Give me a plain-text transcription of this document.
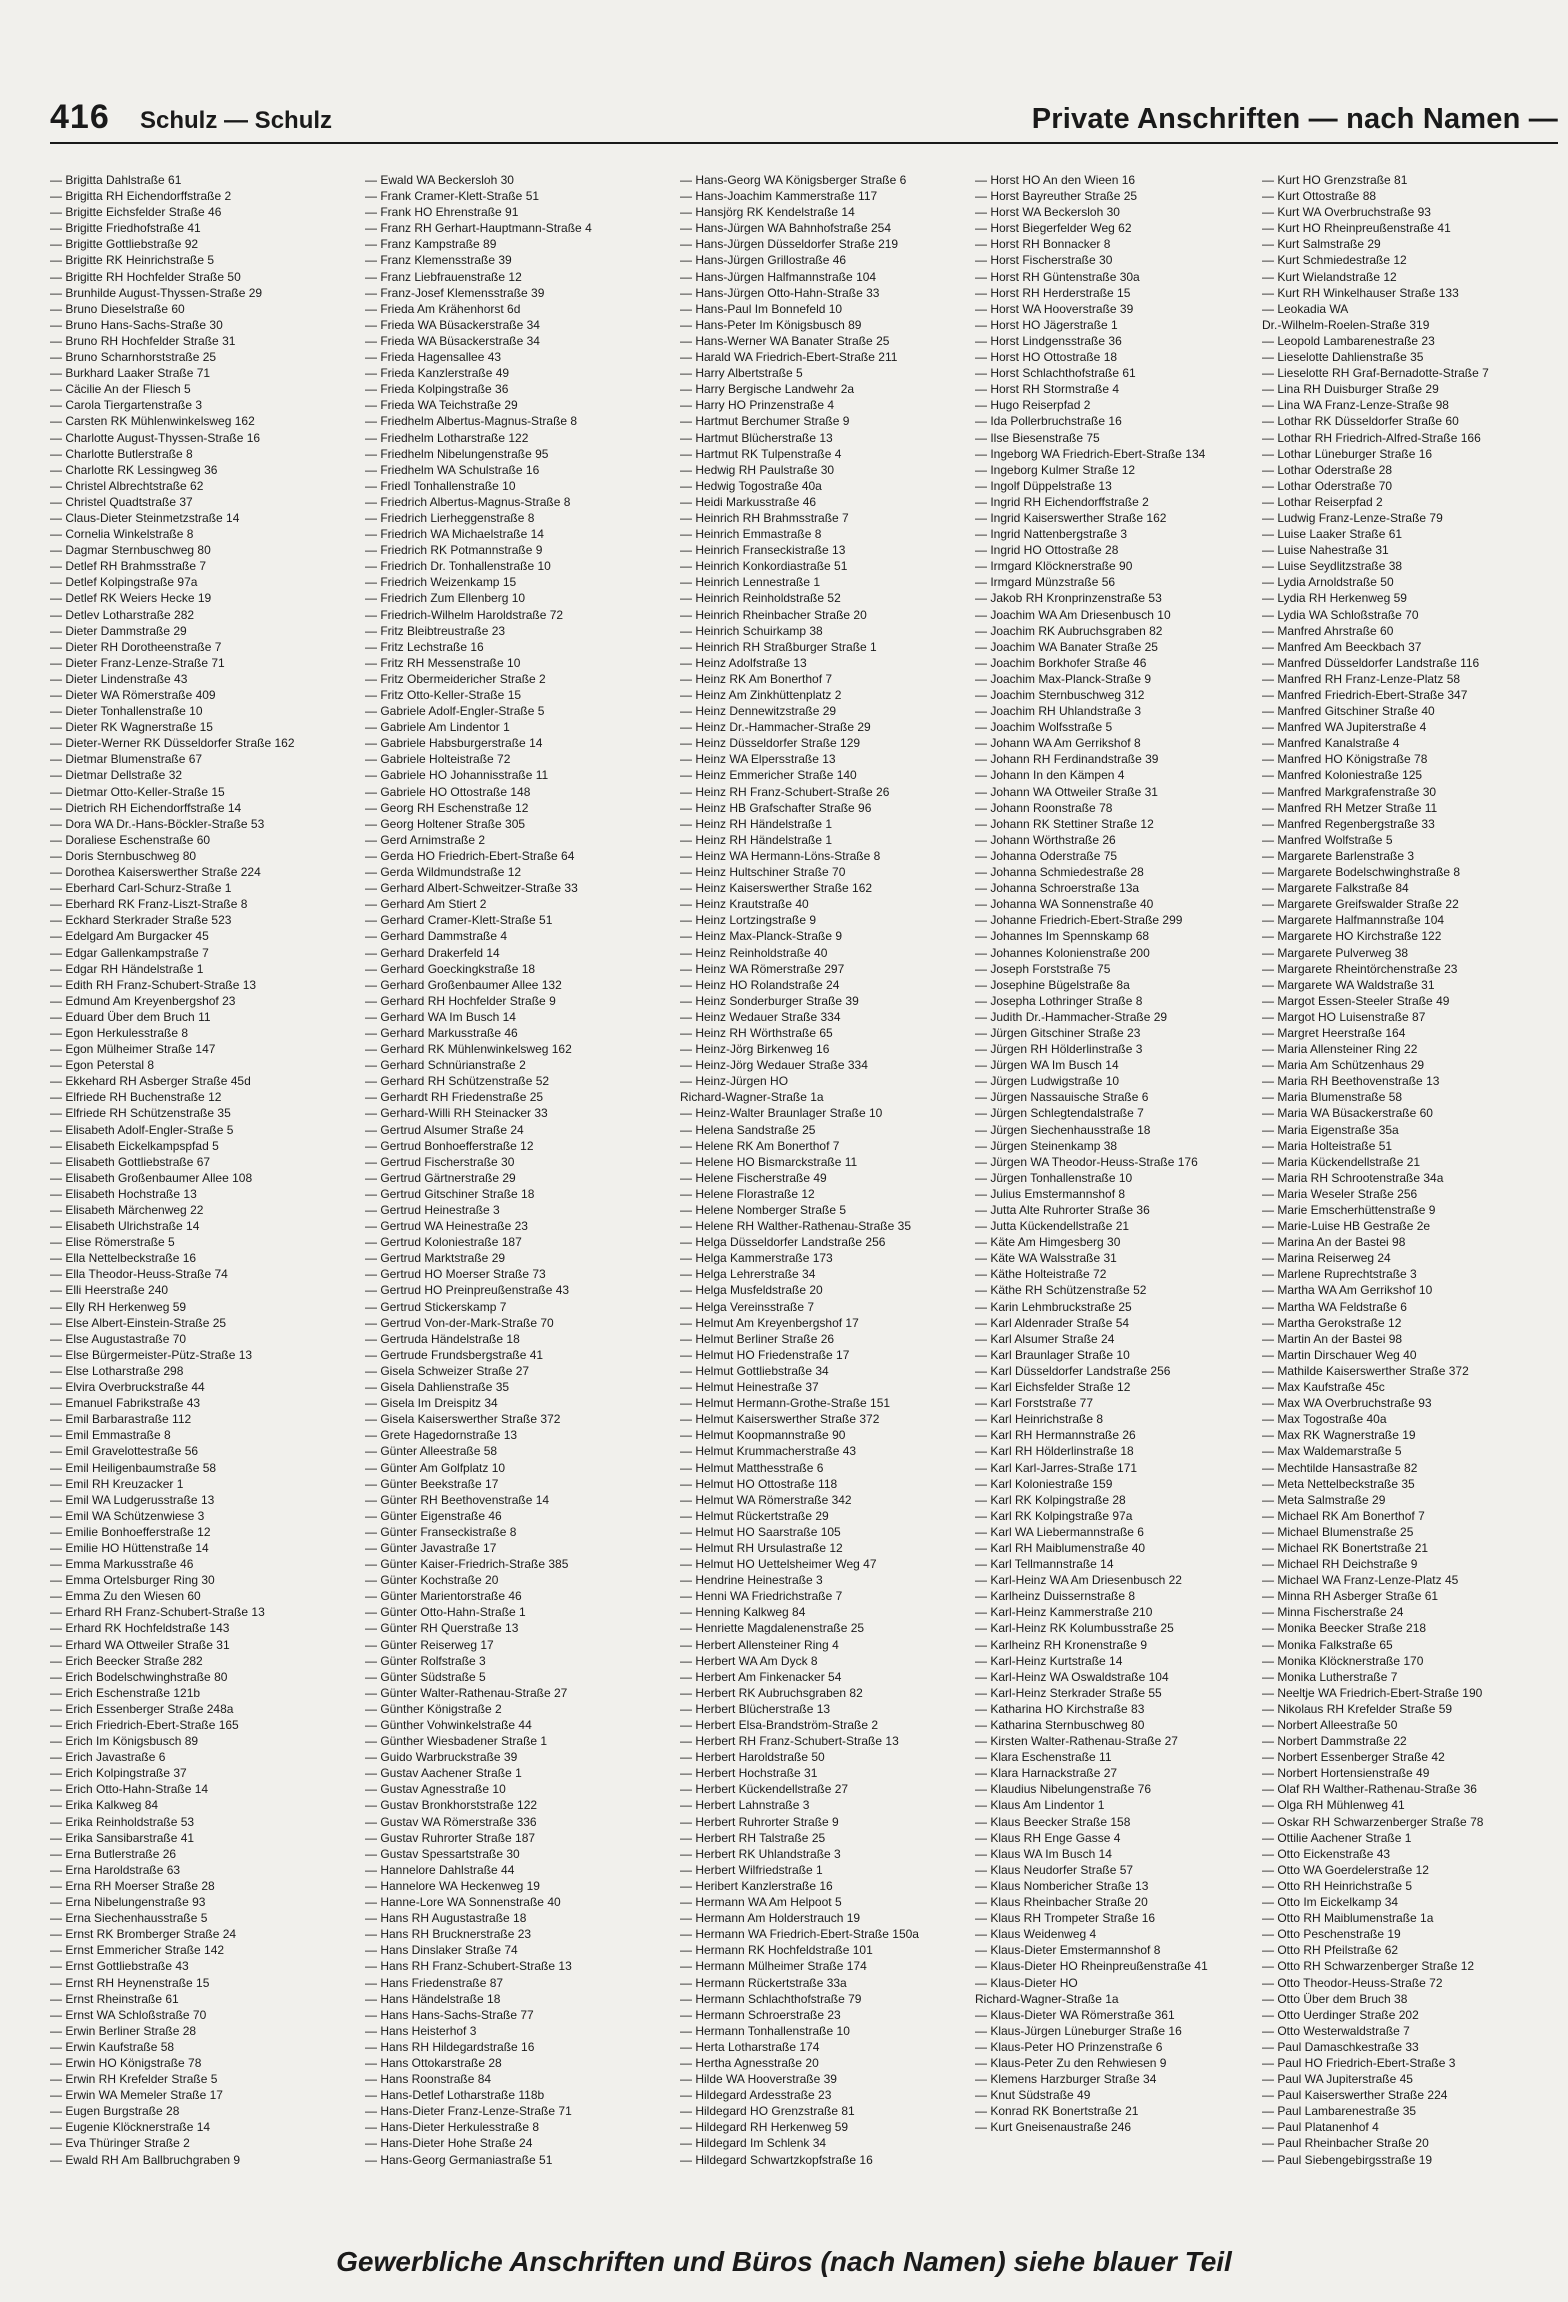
416 Schulz — Schulz	Private Anschriften — nach Namen —
— Brigitta Dahlstraße 61
— Brigitta RH Eichendorffstraße 2
— Brigitte Eichsfelder Straße 46
— Brigitte Friedhofstraße 41
— Brigitte Gottliebstraße 92
— Brigitte RK Heinrichstraße 5
— Brigitte RH Hochfelder Straße 50
— Brunhilde August-Thyssen-Straße 29
— Bruno Dieselstraße 60
— Bruno Hans-Sachs-Straße 30
— Bruno RH Hochfelder Straße 31
— Bruno Scharnhorststraße 25
— Burkhard Laaker Straße 71
— Cäcilie An der Fliesch 5
— Carola Tiergartenstraße 3
— Carsten RK Mühlenwinkelsweg 162
— Charlotte August-Thyssen-Straße 16
— Charlotte Butlerstraße 8
— Charlotte RK Lessingweg 36
— Christel Albrechtstraße 62
— Christel Quadtstraße 37
— Claus-Dieter Steinmetzstraße 14
— Cornelia Winkelstraße 8
— Dagmar Sternbuschweg 80
— Detlef RH Brahmsstraße 7
— Detlef Kolpingstraße 97a
— Detlef RK Weiers Hecke 19
— Detlev Lotharstraße 282
— Dieter Dammstraße 29
— Dieter RH Dorotheenstraße 7
— Dieter Franz-Lenze-Straße 71
— Dieter Lindenstraße 43
— Dieter WA Römerstraße 409
— Dieter Tonhallenstraße 10
— Dieter RK Wagnerstraße 15
— Dieter-Werner RK Düsseldorfer Straße 162
— Dietmar Blumenstraße 67
— Dietmar Dellstraße 32
— Dietmar Otto-Keller-Straße 15
— Dietrich RH Eichendorffstraße 14
— Dora WA Dr.-Hans-Böckler-Straße 53
— Doraliese Eschenstraße 60
— Doris Sternbuschweg 80
— Dorothea Kaiserswerther Straße 224
— Eberhard Carl-Schurz-Straße 1
— Eberhard RK Franz-Liszt-Straße 8
— Eckhard Sterkrader Straße 523
— Edelgard Am Burgacker 45
— Edgar Gallenkampstraße 7
— Edgar RH Händelstraße 1
— Edith RH Franz-Schubert-Straße 13
— Edmund Am Kreyenbergshof 23
— Eduard Über dem Bruch 11
— Egon Herkulesstraße 8
— Egon Mülheimer Straße 147
— Egon Peterstal 8
— Ekkehard RH Asberger Straße 45d
— Elfriede RH Buchenstraße 12
— Elfriede RH Schützenstraße 35
— Elisabeth Adolf-Engler-Straße 5
— Elisabeth Eickelkampspfad 5
— Elisabeth Gottliebstraße 67
— Elisabeth Großenbaumer Allee 108
— Elisabeth Hochstraße 13
— Elisabeth Märchenweg 22
— Elisabeth Ulrichstraße 14
— Elise Römerstraße 5
— Ella Nettelbeckstraße 16
— Ella Theodor-Heuss-Straße 74
— Elli Heerstraße 240
— Elly RH Herkenweg 59
— Else Albert-Einstein-Straße 25
— Else Augustastraße 70
— Else Bürgermeister-Pütz-Straße 13
— Else Lotharstraße 298
— Elvira Overbruckstraße 44
— Emanuel Fabrikstraße 43
— Emil Barbarastraße 112
— Emil Emmastraße 8
— Emil Gravelottestraße 56
— Emil Heiligenbaumstraße 58
— Emil RH Kreuzacker 1
— Emil WA Ludgerusstraße 13
— Emil WA Schützenwiese 3
— Emilie Bonhoefferstraße 12
— Emilie HO Hüttenstraße 14
— Emma Markusstraße 46
— Emma Ortelsburger Ring 30
— Emma Zu den Wiesen 60
— Erhard RH Franz-Schubert-Straße 13
— Erhard RK Hochfeldstraße 143
— Erhard WA Ottweiler Straße 31
— Erich Beecker Straße 282
— Erich Bodelschwinghstraße 80
— Erich Eschenstraße 121b
— Erich Essenberger Straße 248a
— Erich Friedrich-Ebert-Straße 165
— Erich Im Königsbusch 89
— Erich Javastraße 6
— Erich Kolpingstraße 37
— Erich Otto-Hahn-Straße 14
— Erika Kalkweg 84
— Erika Reinholdstraße 53
— Erika Sansibarstraße 41
— Erna Butlerstraße 26
— Erna Haroldstraße 63
— Erna RH Moerser Straße 28
— Erna Nibelungenstraße 93
— Erna Siechenhausstraße 5
— Ernst RK Bromberger Straße 24
— Ernst Emmericher Straße 142
— Ernst Gottliebstraße 43
— Ernst RH Heynenstraße 15
— Ernst Rheinstraße 61
— Ernst WA Schloßstraße 70
— Erwin Berliner Straße 28
— Erwin Kaufstraße 58
— Erwin HO Königstraße 78
— Erwin RH Krefelder Straße 5
— Erwin WA Memeler Straße 17
— Eugen Burgstraße 28
— Eugenie Klöcknerstraße 14
— Eva Thüringer Straße 2
— Ewald RH Am Ballbruchgraben 9
— Ewald WA Beckersloh 30
— Frank Cramer-Klett-Straße 51
— Frank HO Ehrenstraße 91
— Franz RH Gerhart-Hauptmann-Straße 4
— Franz Kampstraße 89
— Franz Klemensstraße 39
— Franz Liebfrauenstraße 12
— Franz-Josef Klemensstraße 39
— Frieda Am Krähenhorst 6d
— Frieda WA Büsackerstraße 34
— Frieda WA Büsackerstraße 34
— Frieda Hagensallee 43
— Frieda Kanzlerstraße 49
— Frieda Kolpingstraße 36
— Frieda WA Teichstraße 29
— Friedhelm Albertus-Magnus-Straße 8
— Friedhelm Lotharstraße 122
— Friedhelm Nibelungenstraße 95
— Friedhelm WA Schulstraße 16
— Friedl Tonhallenstraße 10
— Friedrich Albertus-Magnus-Straße 8
— Friedrich Lierheggenstraße 8
— Friedrich WA Michaelstraße 14
— Friedrich RK Potmannstraße 9
— Friedrich Dr. Tonhallenstraße 10
— Friedrich Weizenkamp 15
— Friedrich Zum Ellenberg 10
— Friedrich-Wilhelm Haroldstraße 72
— Fritz Bleibtreustraße 23
— Fritz Lechstraße 16
— Fritz RH Messenstraße 10
— Fritz Obermeidericher Straße 2
— Fritz Otto-Keller-Straße 15
— Gabriele Adolf-Engler-Straße 5
— Gabriele Am Lindentor 1
— Gabriele Habsburgerstraße 14
— Gabriele Holteistraße 72
— Gabriele HO Johannisstraße 11
— Gabriele HO Ottostraße 148
— Georg RH Eschenstraße 12
— Georg Holtener Straße 305
— Gerd Arnimstraße 2
— Gerda HO Friedrich-Ebert-Straße 64
— Gerda Wildmundstraße 12
— Gerhard Albert-Schweitzer-Straße 33
— Gerhard Am Stiert 2
— Gerhard Cramer-Klett-Straße 51
— Gerhard Dammstraße 4
— Gerhard Drakerfeld 14
— Gerhard Goeckingkstraße 18
— Gerhard Großenbaumer Allee 132
— Gerhard RH Hochfelder Straße 9
— Gerhard WA Im Busch 14
— Gerhard Markusstraße 46
— Gerhard RK Mühlenwinkelsweg 162
— Gerhard Schnürianstraße 2
— Gerhard RH Schützenstraße 52
— Gerhardt RH Friedenstraße 25
— Gerhard-Willi RH Steinacker 33
— Gertrud Alsumer Straße 24
— Gertrud Bonhoefferstraße 12
— Gertrud Fischerstraße 30
— Gertrud Gärtnerstraße 29
— Gertrud Gitschiner Straße 18
— Gertrud Heinestraße 3
— Gertrud WA Heinestraße 23
— Gertrud Koloniestraße 187
— Gertrud Marktstraße 29
— Gertrud HO Moerser Straße 73
— Gertrud HO Preinpreußenstraße 43
— Gertrud Stickerskamp 7
— Gertrud Von-der-Mark-Straße 70
— Gertruda Händelstraße 18
— Gertrude Frundsbergstraße 41
— Gisela Schweizer Straße 27
— Gisela Dahlienstraße 35
— Gisela Im Dreispitz 34
— Gisela Kaiserswerther Straße 372
— Grete Hagedornstraße 13
— Günter Alleestraße 58
— Günter Am Golfplatz 10
— Günter Beekstraße 17
— Günter RH Beethovenstraße 14
— Günter Eigenstraße 46
— Günter Franseckistraße 8
— Günter Javastraße 17
— Günter Kaiser-Friedrich-Straße 385
— Günter Kochstraße 20
— Günter Marientorstraße 46
— Günter Otto-Hahn-Straße 1
— Günter RH Querstraße 13
— Günter Reiserweg 17
— Günter Rolfstraße 3
— Günter Südstraße 5
— Günter Walter-Rathenau-Straße 27
— Günther Königstraße 2
— Günther Vohwinkelstraße 44
— Günther Wiesbadener Straße 1
— Guido Warbruckstraße 39
— Gustav Aachener Straße 1
— Gustav Agnesstraße 10
— Gustav Bronkhorststraße 122
— Gustav WA Römerstraße 336
— Gustav Ruhrorter Straße 187
— Gustav Spessartstraße 30
— Hannelore Dahlstraße 44
— Hannelore WA Heckenweg 19
— Hanne-Lore WA Sonnenstraße 40
— Hans RH Augustastraße 18
— Hans RH Brucknerstraße 23
— Hans Dinslaker Straße 74
— Hans RH Franz-Schubert-Straße 13
— Hans Friedenstraße 87
— Hans Händelstraße 18
— Hans Hans-Sachs-Straße 77
— Hans Heisterhof 3
— Hans RH Hildegardstraße 16
— Hans Ottokarstraße 28
— Hans Roonstraße 84
— Hans-Detlef Lotharstraße 118b
— Hans-Dieter Franz-Lenze-Straße 71
— Hans-Dieter Herkulesstraße 8
— Hans-Dieter Hohe Straße 24
— Hans-Georg Germaniastraße 51
— Hans-Georg WA Königsberger Straße 6
— Hans-Joachim Kammerstraße 117
— Hansjörg RK Kendelstraße 14
— Hans-Jürgen WA Bahnhofstraße 254
— Hans-Jürgen Düsseldorfer Straße 219
— Hans-Jürgen Grillostraße 46
— Hans-Jürgen Halfmannstraße 104
— Hans-Jürgen Otto-Hahn-Straße 33
— Hans-Paul Im Bonnefeld 10
— Hans-Peter Im Königsbusch 89
— Hans-Werner WA Banater Straße 25
— Harald WA Friedrich-Ebert-Straße 211
— Harry Albertstraße 5
— Harry Bergische Landwehr 2a
— Harry HO Prinzenstraße 4
— Hartmut Berchumer Straße 9
— Hartmut Blücherstraße 13
— Hartmut RK Tulpenstraße 4
— Hedwig RH Paulstraße 30
— Hedwig Togostraße 40a
— Heidi Markusstraße 46
— Heinrich RH Brahmsstraße 7
— Heinrich Emmastraße 8
— Heinrich Franseckistraße 13
— Heinrich Konkordiastraße 51
— Heinrich Lennestraße 1
— Heinrich Reinholdstraße 52
— Heinrich Rheinbacher Straße 20
— Heinrich Schuirkamp 38
— Heinrich RH Straßburger Straße 1
— Heinz Adolfstraße 13
— Heinz RK Am Bonerthof 7
— Heinz Am Zinkhüttenplatz 2
— Heinz Dennewitzstraße 29
— Heinz Dr.-Hammacher-Straße 29
— Heinz Düsseldorfer Straße 129
— Heinz WA Elpersstraße 13
— Heinz Emmericher Straße 140
— Heinz RH Franz-Schubert-Straße 26
— Heinz HB Grafschafter Straße 96
— Heinz RH Händelstraße 1
— Heinz RH Händelstraße 1
— Heinz WA Hermann-Löns-Straße 8
— Heinz Hultschiner Straße 70
— Heinz Kaiserswerther Straße 162
— Heinz Krautstraße 40
— Heinz Lortzingstraße 9
— Heinz Max-Planck-Straße 9
— Heinz Reinholdstraße 40
— Heinz WA Römerstraße 297
— Heinz HO Rolandstraße 24
— Heinz Sonderburger Straße 39
— Heinz Wedauer Straße 334
— Heinz RH Wörthstraße 65
— Heinz-Jörg Birkenweg 16
— Heinz-Jörg Wedauer Straße 334
— Heinz-Jürgen HO
Richard-Wagner-Straße 1a
— Heinz-Walter Braunlager Straße 10
— Helena Sandstraße 25
— Helene RK Am Bonerthof 7
— Helene HO Bismarckstraße 11
— Helene Fischerstraße 49
— Helene Florastraße 12
— Helene Nomberger Straße 5
— Helene RH Walther-Rathenau-Straße 35
— Helga Düsseldorfer Landstraße 256
— Helga Kammerstraße 173
— Helga Lehrerstraße 34
— Helga Musfeldstraße 20
— Helga Vereinsstraße 7
— Helmut Am Kreyenbergshof 17
— Helmut Berliner Straße 26
— Helmut HO Friedenstraße 17
— Helmut Gottliebstraße 34
— Helmut Heinestraße 37
— Helmut Hermann-Grothe-Straße 151
— Helmut Kaiserswerther Straße 372
— Helmut Koopmannstraße 90
— Helmut Krummacherstraße 43
— Helmut Matthesstraße 6
— Helmut HO Ottostraße 118
— Helmut WA Römerstraße 342
— Helmut Rückertstraße 29
— Helmut HO Saarstraße 105
— Helmut RH Ursulastraße 12
— Helmut HO Uettelsheimer Weg 47
— Hendrine Heinestraße 3
— Henni WA Friedrichstraße 7
— Henning Kalkweg 84
— Henriette Magdalenenstraße 25
— Herbert Allensteiner Ring 4
— Herbert WA Am Dyck 8
— Herbert Am Finkenacker 54
— Herbert RK Aubruchsgraben 82
— Herbert Blücherstraße 13
— Herbert Elsa-Brandström-Straße 2
— Herbert RH Franz-Schubert-Straße 13
— Herbert Haroldstraße 50
— Herbert Hochstraße 31
— Herbert Kückendellstraße 27
— Herbert Lahnstraße 3
— Herbert Ruhrorter Straße 9
— Herbert RH Talstraße 25
— Herbert RK Uhlandstraße 3
— Herbert Wilfriedstraße 1
— Heribert Kanzlerstraße 16
— Hermann WA Am Helpoot 5
— Hermann Am Holderstrauch 19
— Hermann WA Friedrich-Ebert-Straße 150a
— Hermann RK Hochfeldstraße 101
— Hermann Mülheimer Straße 174
— Hermann Rückertstraße 33a
— Hermann Schlachthofstraße 79
— Hermann Schroerstraße 23
— Hermann Tonhallenstraße 10
— Herta Lotharstraße 174
— Hertha Agnesstraße 20
— Hilde WA Hooverstraße 39
— Hildegard Ardesstraße 23
— Hildegard HO Grenzstraße 81
— Hildegard RH Herkenweg 59
— Hildegard Im Schlenk 34
— Hildegard Schwartzkopfstraße 16
— Horst HO An den Wieen 16
— Horst Bayreuther Straße 25
— Horst WA Beckersloh 30
— Horst Biegerfelder Weg 62
— Horst RH Bonnacker 8
— Horst Fischerstraße 30
— Horst RH Güntenstraße 30a
— Horst RH Herderstraße 15
— Horst WA Hooverstraße 39
— Horst HO Jägerstraße 1
— Horst Lindgensstraße 36
— Horst HO Ottostraße 18
— Horst Schlachthofstraße 61
— Horst RH Stormstraße 4
— Hugo Reiserpfad 2
— Ida Pollerbruchstraße 16
— Ilse Biesenstraße 75
— Ingeborg WA Friedrich-Ebert-Straße 134
— Ingeborg Kulmer Straße 12
— Ingolf Düppelstraße 13
— Ingrid RH Eichendorffstraße 2
— Ingrid Kaiserswerther Straße 162
— Ingrid Nattenbergstraße 3
— Ingrid HO Ottostraße 28
— Irmgard Klöcknerstraße 90
— Irmgard Münzstraße 56
— Jakob RH Kronprinzenstraße 53
— Joachim WA Am Driesenbusch 10
— Joachim RK Aubruchsgraben 82
— Joachim WA Banater Straße 25
— Joachim Borkhofer Straße 46
— Joachim Max-Planck-Straße 9
— Joachim Sternbuschweg 312
— Joachim RH Uhlandstraße 3
— Joachim Wolfsstraße 5
— Johann WA Am Gerrikshof 8
— Johann RH Ferdinandstraße 39
— Johann In den Kämpen 4
— Johann WA Ottweiler Straße 31
— Johann Roonstraße 78
— Johann RK Stettiner Straße 12
— Johann Wörthstraße 26
— Johanna Oderstraße 75
— Johanna Schmiedestraße 28
— Johanna Schroerstraße 13a
— Johanna WA Sonnenstraße 40
— Johanne Friedrich-Ebert-Straße 299
— Johannes Im Spennskamp 68
— Johannes Kolonienstraße 200
— Joseph Forststraße 75
— Josephine Bügelstraße 8a
— Josepha Lothringer Straße 8
— Judith Dr.-Hammacher-Straße 29
— Jürgen Gitschiner Straße 23
— Jürgen RH Hölderlinstraße 3
— Jürgen WA Im Busch 14
— Jürgen Ludwigstraße 10
— Jürgen Nassauische Straße 6
— Jürgen Schlegtendalstraße 7
— Jürgen Siechenhausstraße 18
— Jürgen Steinenkamp 38
— Jürgen WA Theodor-Heuss-Straße 176
— Jürgen Tonhallenstraße 10
— Julius Emstermannshof 8
— Jutta Alte Ruhrorter Straße 36
— Jutta Kückendellstraße 21
— Käte Am Himgesberg 30
— Käte WA Walsstraße 31
— Käthe Holteistraße 72
— Käthe RH Schützenstraße 52
— Karin Lehmbruckstraße 25
— Karl Aldenrader Straße 54
— Karl Alsumer Straße 24
— Karl Braunlager Straße 10
— Karl Düsseldorfer Landstraße 256
— Karl Eichsfelder Straße 12
— Karl Forststraße 77
— Karl Heinrichstraße 8
— Karl RH Hermannstraße 26
— Karl RH Hölderlinstraße 18
— Karl Karl-Jarres-Straße 171
— Karl Koloniestraße 159
— Karl RK Kolpingstraße 28
— Karl RK Kolpingstraße 97a
— Karl WA Liebermannstraße 6
— Karl RH Maiblumenstraße 40
— Karl Tellmannstraße 14
— Karl-Heinz WA Am Driesenbusch 22
— Karlheinz Duissernstraße 8
— Karl-Heinz Kammerstraße 210
— Karl-Heinz RK Kolumbusstraße 25
— Karlheinz RH Kronenstraße 9
— Karl-Heinz Kurtstraße 14
— Karl-Heinz WA Oswaldstraße 104
— Karl-Heinz Sterkrader Straße 55
— Katharina HO Kirchstraße 83
— Katharina Sternbuschweg 80
— Kirsten Walter-Rathenau-Straße 27
— Klara Eschenstraße 11
— Klara Harnackstraße 27
— Klaudius Nibelungenstraße 76
— Klaus Am Lindentor 1
— Klaus Beecker Straße 158
— Klaus RH Enge Gasse 4
— Klaus WA Im Busch 14
— Klaus Neudorfer Straße 57
— Klaus Nombericher Straße 13
— Klaus Rheinbacher Straße 20
— Klaus RH Trompeter Straße 16
— Klaus Weidenweg 4
— Klaus-Dieter Emstermannshof 8
— Klaus-Dieter HO Rheinpreußenstraße 41
— Klaus-Dieter HO
Richard-Wagner-Straße 1a
— Klaus-Dieter WA Römerstraße 361
— Klaus-Jürgen Lüneburger Straße 16
— Klaus-Peter HO Prinzenstraße 6
— Klaus-Peter Zu den Rehwiesen 9
— Klemens Harzburger Straße 34
— Knut Südstraße 49
— Konrad RK Bonertstraße 21
— Kurt Gneisenaustraße 246
— Kurt HO Grenzstraße 81
— Kurt Ottostraße 88
— Kurt WA Overbruchstraße 93
— Kurt HO Rheinpreußenstraße 41
— Kurt Salmstraße 29
— Kurt Schmiedestraße 12
— Kurt Wielandstraße 12
— Kurt RH Winkelhauser Straße 133
— Leokadia WA
Dr.-Wilhelm-Roelen-Straße 319
— Leopold Lambarenestraße 23
— Lieselotte Dahlienstraße 35
— Lieselotte RH Graf-Bernadotte-Straße 7
— Lina RH Duisburger Straße 29
— Lina WA Franz-Lenze-Straße 98
— Lothar RK Düsseldorfer Straße 60
— Lothar RH Friedrich-Alfred-Straße 166
— Lothar Lüneburger Straße 16
— Lothar Oderstraße 28
— Lothar Oderstraße 70
— Lothar Reiserpfad 2
— Ludwig Franz-Lenze-Straße 79
— Luise Laaker Straße 61
— Luise Nahestraße 31
— Luise Seydlitzstraße 38
— Lydia Arnoldstraße 50
— Lydia RH Herkenweg 59
— Lydia WA Schloßstraße 70
— Manfred Ahrstraße 60
— Manfred Am Beeckbach 37
— Manfred Düsseldorfer Landstraße 116
— Manfred RH Franz-Lenze-Platz 58
— Manfred Friedrich-Ebert-Straße 347
— Manfred Gitschiner Straße 40
— Manfred WA Jupiterstraße 4
— Manfred Kanalstraße 4
— Manfred HO Königstraße 78
— Manfred Koloniestraße 125
— Manfred Markgrafenstraße 30
— Manfred RH Metzer Straße 11
— Manfred Regenbergstraße 33
— Manfred Wolfstraße 5
— Margarete Barlenstraße 3
— Margarete Bodelschwinghstraße 8
— Margarete Falkstraße 84
— Margarete Greifswalder Straße 22
— Margarete Halfmannstraße 104
— Margarete HO Kirchstraße 122
— Margarete Pulverweg 38
— Margarete Rheintörchenstraße 23
— Margarete WA Waldstraße 31
— Margot Essen-Steeler Straße 49
— Margot HO Luisenstraße 87
— Margret Heerstraße 164
— Maria Allensteiner Ring 22
— Maria Am Schützenhaus 29
— Maria RH Beethovenstraße 13
— Maria Blumenstraße 58
— Maria WA Büsackerstraße 60
— Maria Eigenstraße 35a
— Maria Holteistraße 51
— Maria Kückendellstraße 21
— Maria RH Schrootenstraße 34a
— Maria Weseler Straße 256
— Marie Emscherhüttenstraße 9
— Marie-Luise HB Gestraße 2e
— Marina An der Bastei 98
— Marina Reiserweg 24
— Marlene Ruprechtstraße 3
— Martha WA Am Gerrikshof 10
— Martha WA Feldstraße 6
— Martha Gerokstraße 12
— Martin An der Bastei 98
— Martin Dirschauer Weg 40
— Mathilde Kaiserswerther Straße 372
— Max Kaufstraße 45c
— Max WA Overbruchstraße 93
— Max Togostraße 40a
— Max RK Wagnerstraße 19
— Max Waldemarstraße 5
— Mechtilde Hansastraße 82
— Meta Nettelbeckstraße 35
— Meta Salmstraße 29
— Michael RK Am Bonerthof 7
— Michael Blumenstraße 25
— Michael RK Bonertstraße 21
— Michael RH Deichstraße 9
— Michael WA Franz-Lenze-Platz 45
— Minna RH Asberger Straße 61
— Minna Fischerstraße 24
— Monika Beecker Straße 218
— Monika Falkstraße 65
— Monika Klöcknerstraße 170
— Monika Lutherstraße 7
— Neeltje WA Friedrich-Ebert-Straße 190
— Nikolaus RH Krefelder Straße 59
— Norbert Alleestraße 50
— Norbert Dammstraße 22
— Norbert Essenberger Straße 42
— Norbert Hortensienstraße 49
— Olaf RH Walther-Rathenau-Straße 36
— Olga RH Mühlenweg 41
— Oskar RH Schwarzenberger Straße 78
— Ottilie Aachener Straße 1
— Otto Eickenstraße 43
— Otto WA Goerdelerstraße 12
— Otto RH Heinrichstraße 5
— Otto Im Eickelkamp 34
— Otto RH Maiblumenstraße 1a
— Otto Peschenstraße 19
— Otto RH Pfeilstraße 62
— Otto RH Schwarzenberger Straße 12
— Otto Theodor-Heuss-Straße 72
— Otto Über dem Bruch 38
— Otto Uerdinger Straße 202
— Otto Westerwaldstraße 7
— Paul Damaschkestraße 33
— Paul HO Friedrich-Ebert-Straße 3
— Paul WA Jupiterstraße 45
— Paul Kaiserswerther Straße 224
— Paul Lambarenestraße 35
— Paul Platanenhof 4
— Paul Rheinbacher Straße 20
— Paul Siebengebirgsstraße 19
Gewerbliche Anschriften und Büros (nach Namen) siehe blauer Teil
